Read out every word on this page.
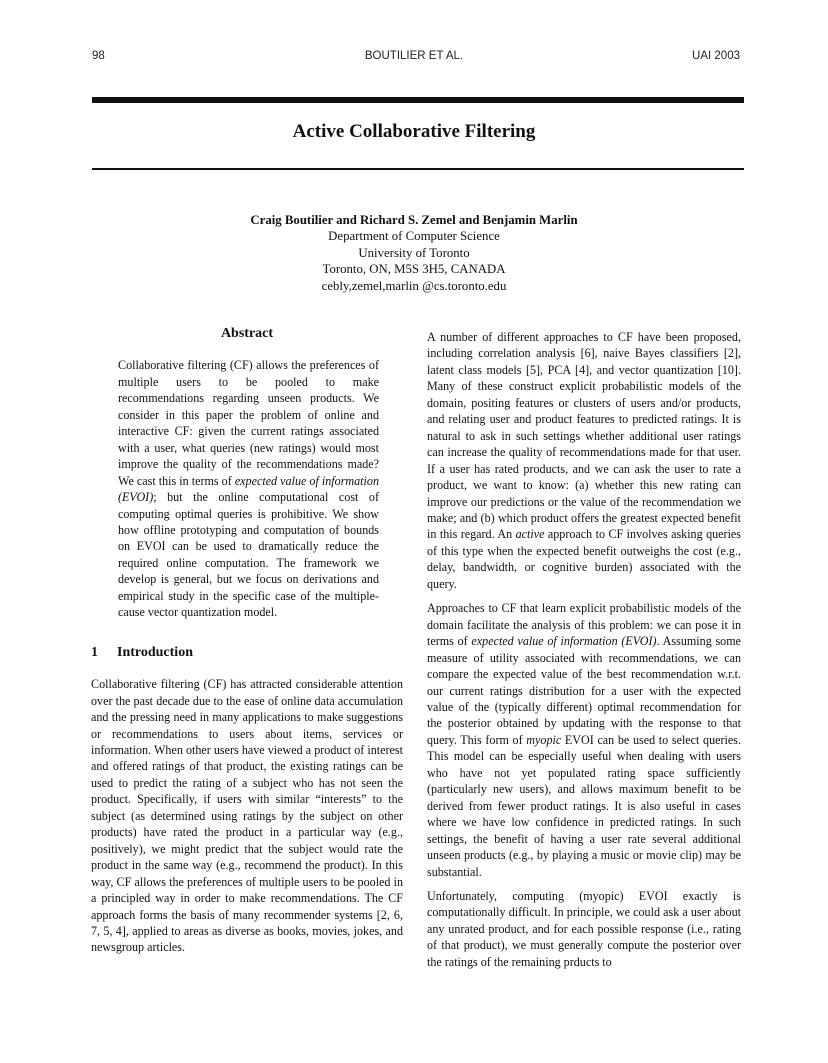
98	BOUTILIER ET AL.	UAI 2003
Active Collaborative Filtering
Craig Boutilier and Richard S. Zemel and Benjamin Marlin
Department of Computer Science
University of Toronto
Toronto, ON, M5S 3H5, CANADA
cebly,zemel,marlin @cs.toronto.edu
Abstract
Collaborative filtering (CF) allows the preferences of multiple users to be pooled to make recommendations regarding unseen products. We consider in this paper the problem of online and interactive CF: given the current ratings associated with a user, what queries (new ratings) would most improve the quality of the recommendations made? We cast this in terms of expected value of information (EVOI); but the online computational cost of computing optimal queries is prohibitive. We show how offline prototyping and computation of bounds on EVOI can be used to dramatically reduce the required online computation. The framework we develop is general, but we focus on derivations and empirical study in the specific case of the multiple-cause vector quantization model.
1 Introduction

Collaborative filtering (CF) has attracted considerable attention over the past decade due to the ease of online data accumulation and the pressing need in many applications to make suggestions or recommendations to users about items, services or information. When other users have viewed a product of interest and offered ratings of that product, the existing ratings can be used to predict the rating of a subject who has not seen the product. Specifically, if users with similar “interests” to the subject (as determined using ratings by the subject on other products) have rated the product in a particular way (e.g., positively), we might predict that the subject would rate the product in the same way (e.g., recommend the product). In this way, CF allows the preferences of multiple users to be pooled in a principled way in order to make recommendations. The CF approach forms the basis of many recommender systems [2, 6, 7, 5, 4], applied to areas as diverse as books, movies, jokes, and newsgroup articles.

A number of different approaches to CF have been proposed, including correlation analysis [6], naive Bayes classifiers [2], latent class models [5], PCA [4], and vector quantization [10]. Many of these construct explicit probabilistic models of the domain, positing features or clusters of users and/or products, and relating user and product features to predicted ratings. It is natural to ask in such settings whether additional user ratings can increase the quality of recommendations made for that user. If a user has rated products, and we can ask the user to rate a product, we want to know: (a) whether this new rating can improve our predictions or the value of the recommendation we make; and (b) which product offers the greatest expected benefit in this regard. An active approach to CF involves asking queries of this type when the expected benefit outweighs the cost (e.g., delay, bandwidth, or cognitive burden) associated with the query.

Approaches to CF that learn explicit probabilistic models of the domain facilitate the analysis of this problem: we can pose it in terms of expected value of information (EVOI). Assuming some measure of utility associated with recommendations, we can compare the expected value of the best recommendation w.r.t. our current ratings distribution for a user with the expected value of the (typically different) optimal recommendation for the posterior obtained by updating with the response to that query. This form of myopic EVOI can be used to select queries. This model can be especially useful when dealing with users who have not yet populated rating space sufficiently (particularly new users), and allows maximum benefit to be derived from fewer product ratings. It is also useful in cases where we have low confidence in predicted ratings. In such settings, the benefit of having a user rate several additional unseen products (e.g., by playing a music or movie clip) may be substantial.

Unfortunately, computing (myopic) EVOI exactly is computationally difficult. In principle, we could ask a user about any unrated product, and for each possible response (i.e., rating of that product), we must generally compute the posterior over the ratings of the remaining prducts to
